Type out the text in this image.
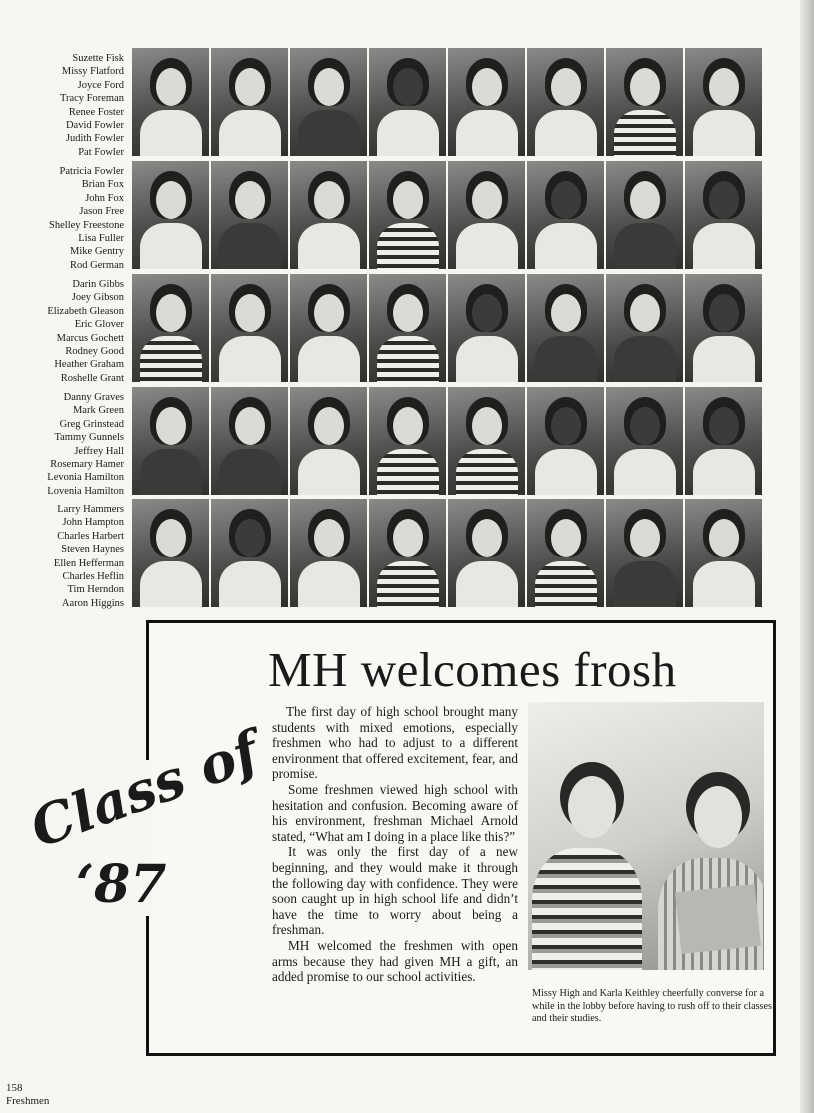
Suzette Fisk
Missy Flatford
Joyce Ford
Tracy Foreman
Renee Foster
David Fowler
Judith Fowler
Pat Fowler
Patricia Fowler
Brian Fox
John Fox
Jason Free
Shelley Freestone
Lisa Fuller
Mike Gentry
Rod German
Darin Gibbs
Joey Gibson
Elizabeth Gleason
Eric Glover
Marcus Gochett
Rodney Good
Heather Graham
Roshelle Grant
Danny Graves
Mark Green
Greg Grinstead
Tammy Gunnels
Jeffrey Hall
Rosemary Hamer
Levonia Hamilton
Lovenia Hamilton
Larry Hammers
John Hampton
Charles Harbert
Steven Haynes
Ellen Hefferman
Charles Heflin
Tim Herndon
Aaron Higgins
MH welcomes frosh

The first day of high school brought many students with mixed emotions, especially freshmen who had to adjust to a different environment that offered excitement, fear, and promise.

Some freshmen viewed high school with hesitation and confusion. Becoming aware of his environment, freshman Michael Arnold stated, “What am I doing in a place like this?”

It was only the first day of a new beginning, and they would make it through the following day with confidence. They were soon caught up in high school life and didn’t have the time to worry about being a freshman.

MH welcomed the freshmen with open arms because they had given MH a gift, an added promise to our school activities.

Missy High and Karla Keithley cheerfully converse for a while in the lobby before having to rush off to their classes and their studies.
Class of
‘87
158
Freshmen
